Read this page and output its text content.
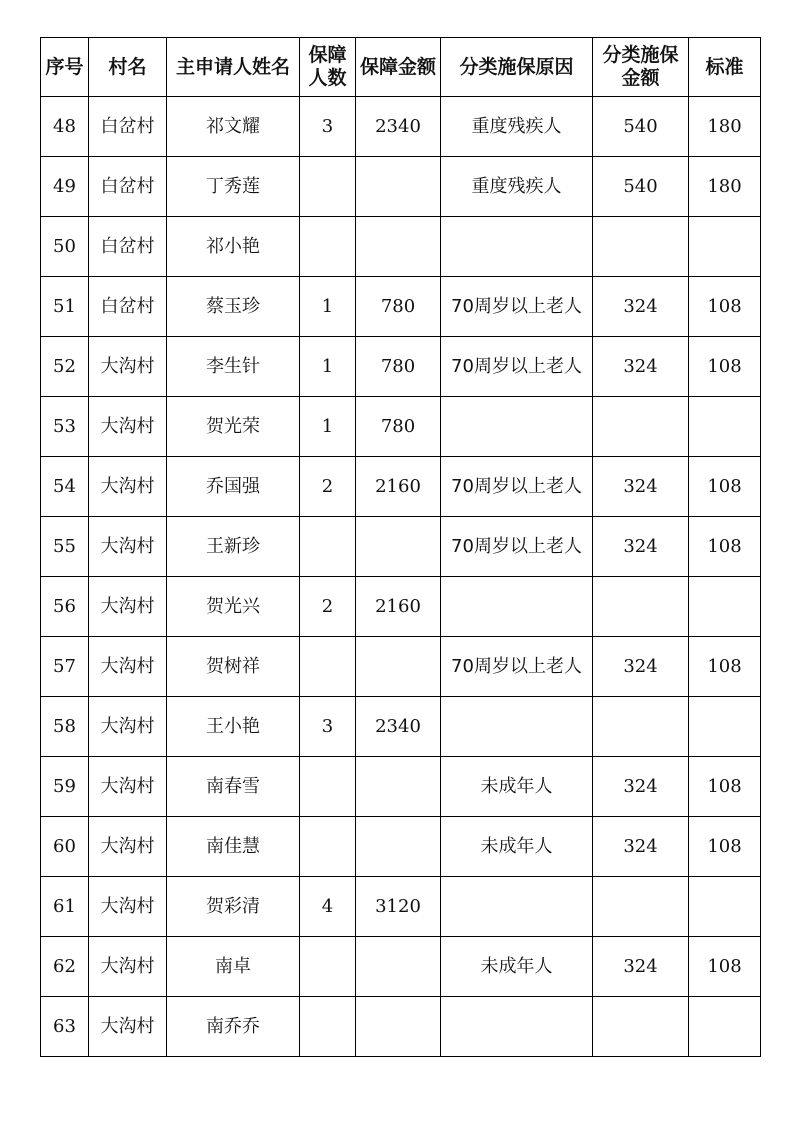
序号	村名	主申请人姓名	保障人数	保障金额	分类施保原因	分类施保金额	标准
48	白岔村	祁文耀	3	2340	重度残疾人	540	180
49	白岔村	丁秀莲			重度残疾人	540	180
50	白岔村	祁小艳					
51	白岔村	蔡玉珍	1	780	70周岁以上老人	324	108
52	大沟村	李生针	1	780	70周岁以上老人	324	108
53	大沟村	贺光荣	1	780			
54	大沟村	乔国强	2	2160	70周岁以上老人	324	108
55	大沟村	王新珍			70周岁以上老人	324	108
56	大沟村	贺光兴	2	2160			
57	大沟村	贺树祥			70周岁以上老人	324	108
58	大沟村	王小艳	3	2340			
59	大沟村	南春雪			未成年人	324	108
60	大沟村	南佳慧			未成年人	324	108
61	大沟村	贺彩清	4	3120			
62	大沟村	南卓			未成年人	324	108
63	大沟村	南乔乔					
